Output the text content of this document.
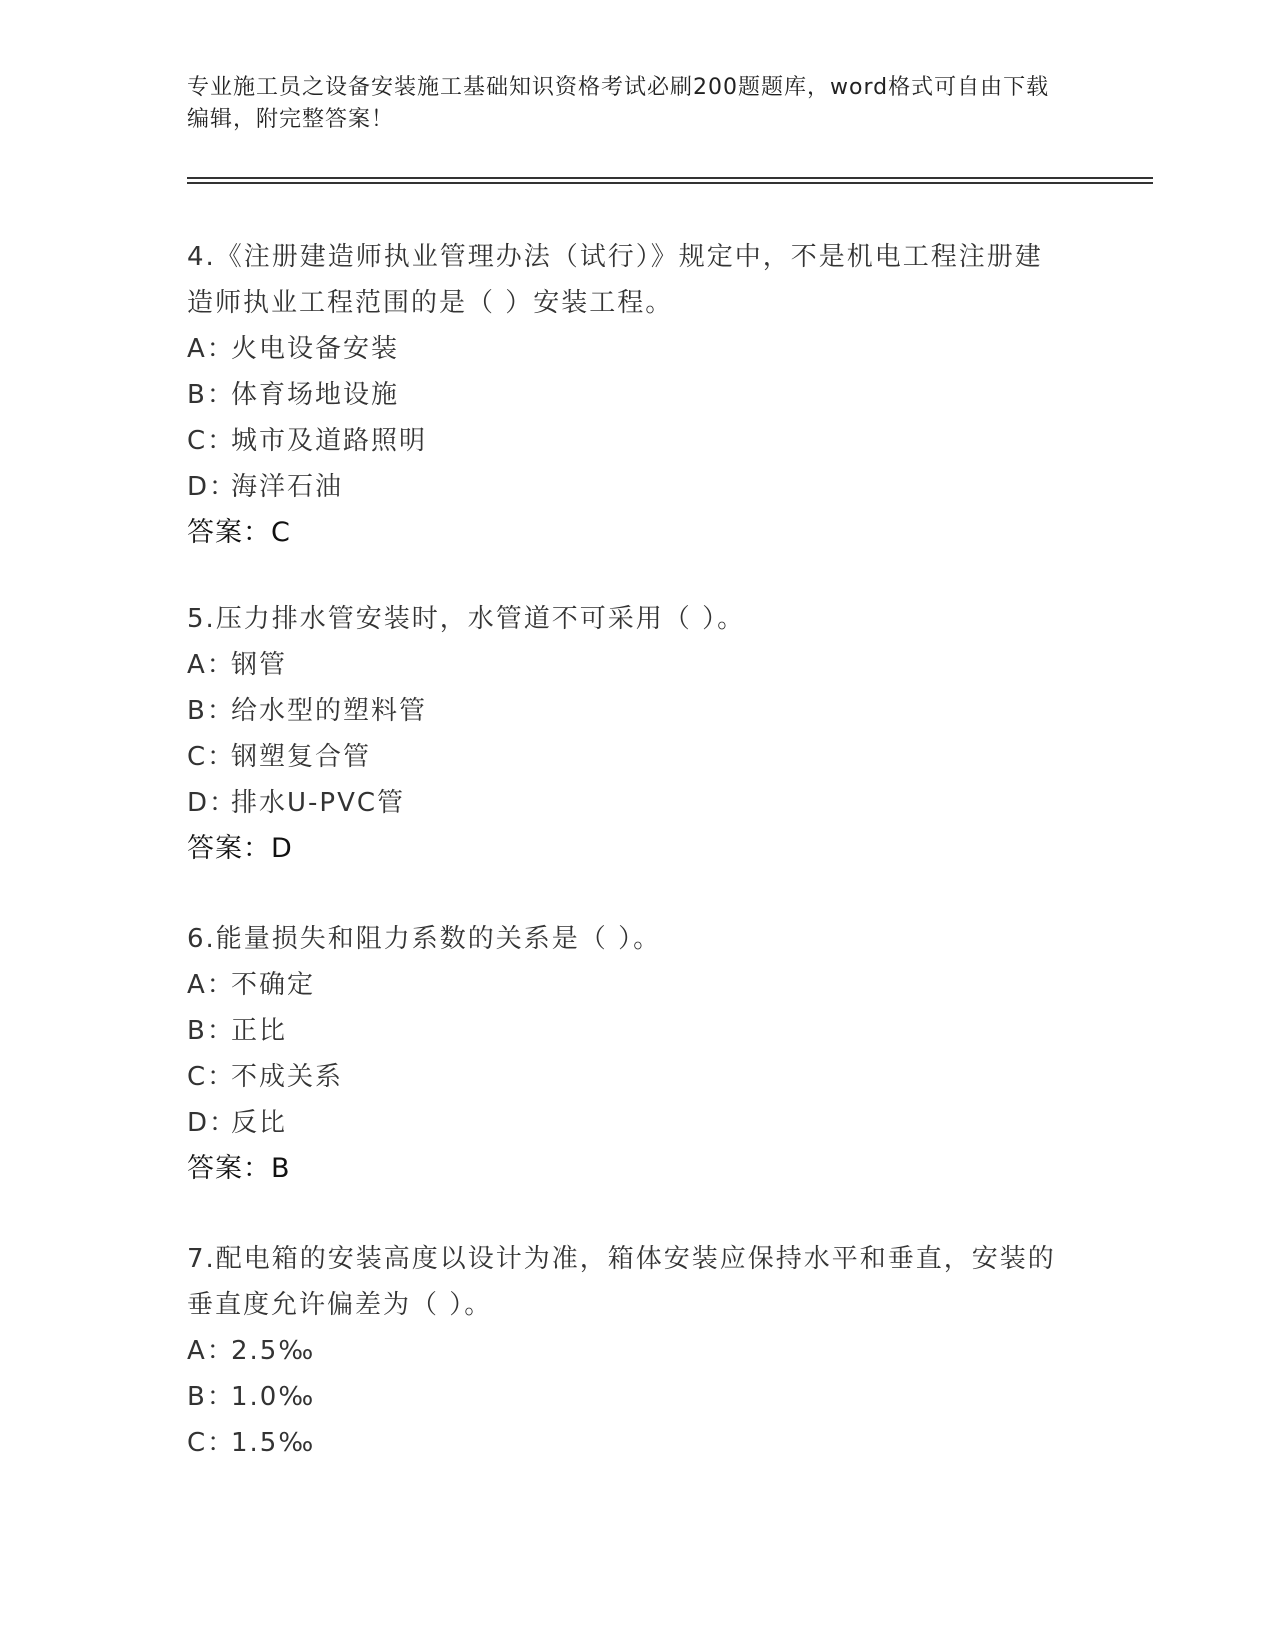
专业施工员之设备安装施工基础知识资格考试必刷200题题库，word格式可自由下载编辑，附完整答案！

4.《注册建造师执业管理办法（试行）》规定中，不是机电工程注册建造师执业工程范围的是（ ）安装工程。

A：火电设备安装
B：体育场地设施
C：城市及道路照明
D：海洋石油
答案：C

5.压力排水管安装时，水管道不可采用（ ）。

A：钢管
B：给水型的塑料管
C：钢塑复合管
D：排水U-PVC管
答案：D

6.能量损失和阻力系数的关系是（ ）。

A：不确定
B：正比
C：不成关系
D：反比
答案：B

7.配电箱的安装高度以设计为准，箱体安装应保持水平和垂直，安装的垂直度允许偏差为（ ）。

A：2.5‰
B：1.0‰
C：1.5‰
